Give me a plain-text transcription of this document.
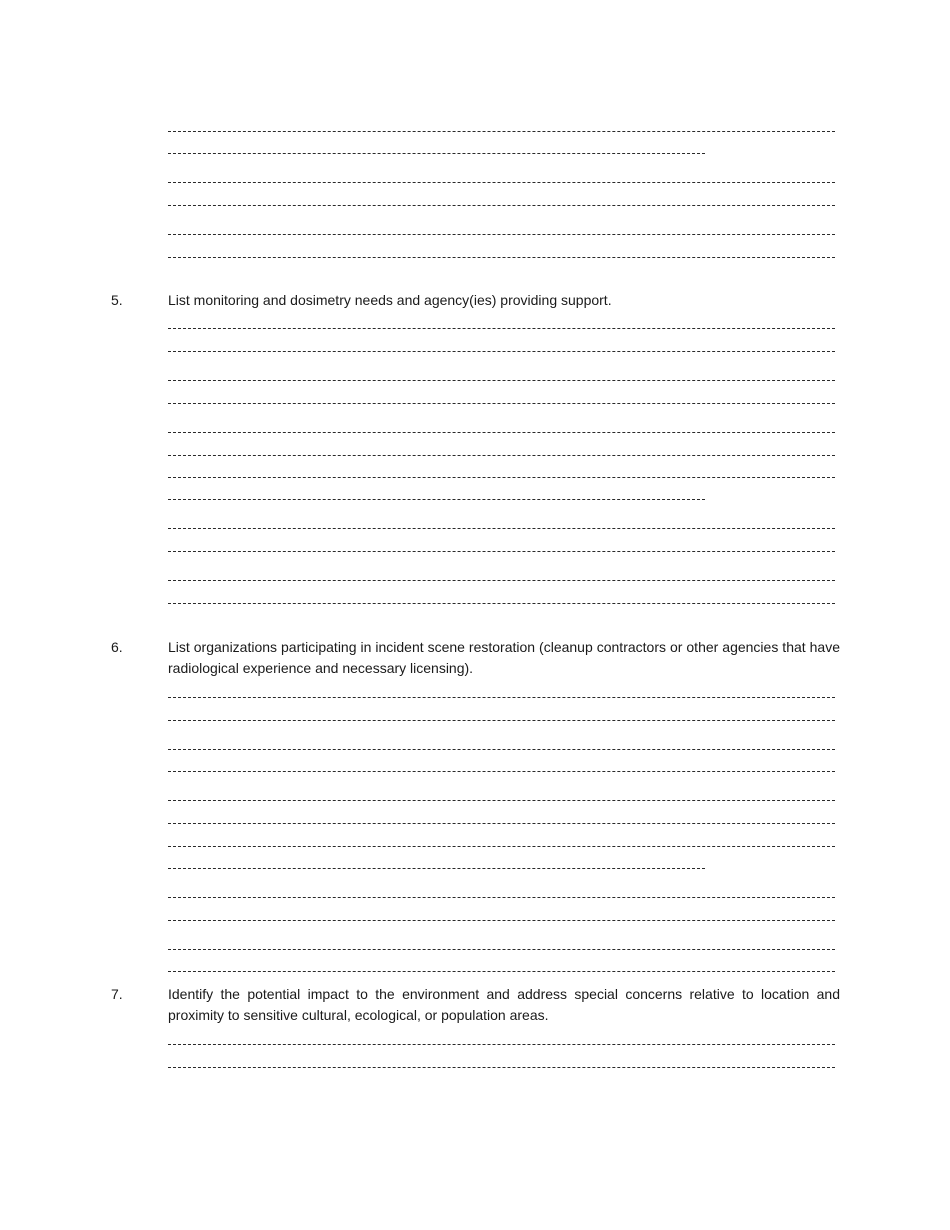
5.	List monitoring and dosimetry needs and agency(ies) providing support.
6.	List organizations participating in incident scene restoration (cleanup contractors or other agencies that have radiological experience and necessary licensing).
7.	Identify the potential impact to the environment and address special concerns relative to location and proximity to sensitive cultural, ecological, or population areas.
